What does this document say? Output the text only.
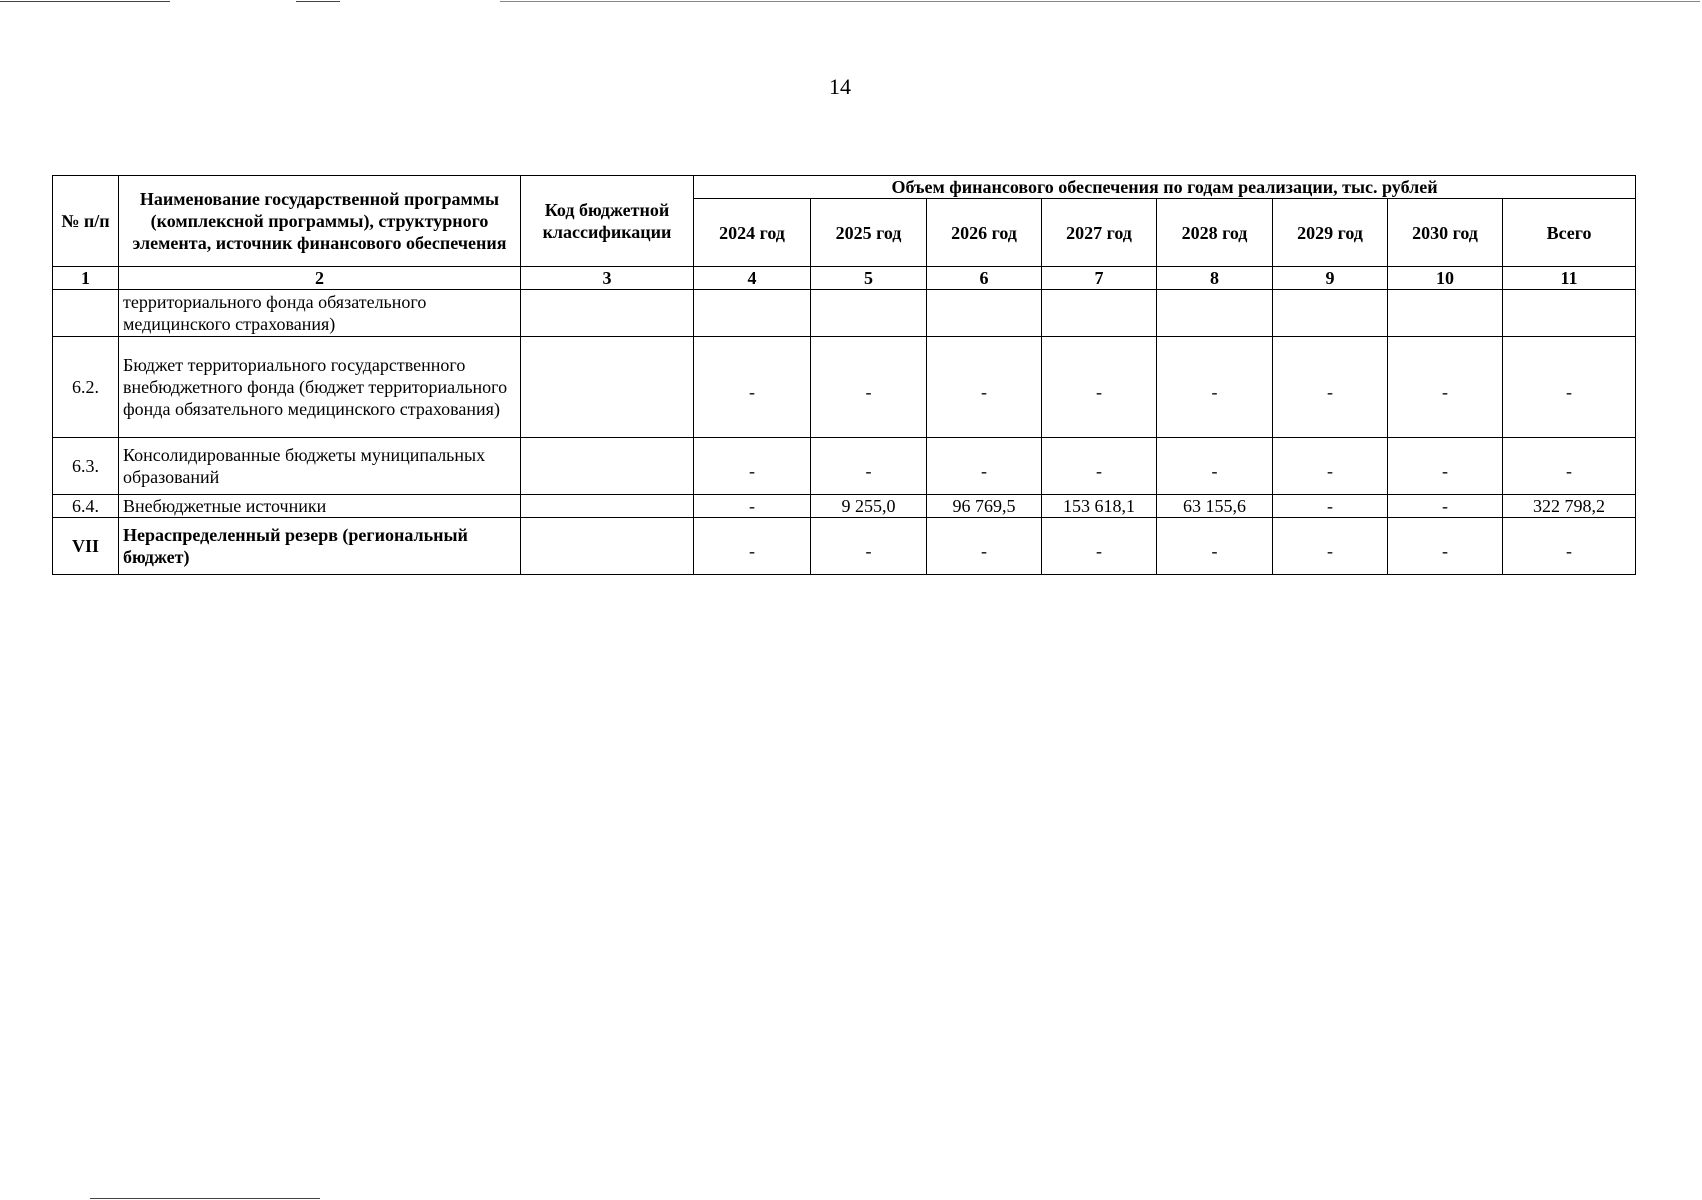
14
№ п/п	Наименование государственной программы (комплексной программы), структурного элемента, источник финансового обеспечения	Код бюджетной классификации	Объем финансового обеспечения по годам реализации, тыс. рублей							
			2024 год	2025 год	2026 год	2027 год	2028 год	2029 год	2030 год	Всего
1	2	3	4	5	6	7	8	9	10	11
	территориального фонда обязательного медицинского страхования)									
6.2.	Бюджет территориального государственного внебюджетного фонда (бюджет территориального фонда обязательного медицинского страхования)		-	-	-	-	-	-	-	-
6.3.	Консолидированные бюджеты муниципальных образований		-	-	-	-	-	-	-	-
6.4.	Внебюджетные источники		-	9 255,0	96 769,5	153 618,1	63 155,6	-	-	322 798,2
VII	Нераспределенный резерв (региональный бюджет)		-	-	-	-	-	-	-	-
